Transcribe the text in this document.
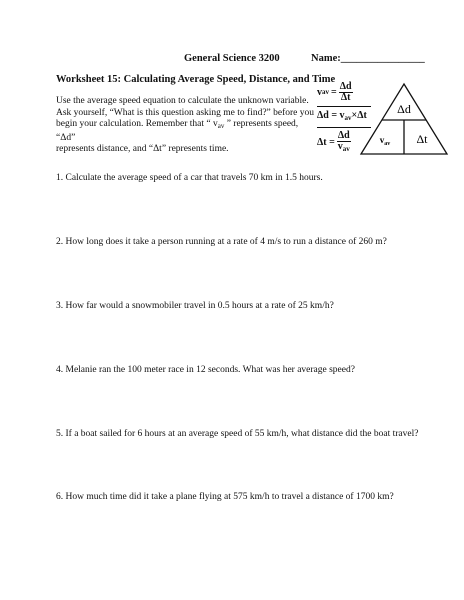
General Science 3200	Name:________________
Worksheet 15: Calculating Average Speed, Distance, and Time
Use the average speed equation to calculate the unknown variable.
Ask yourself, “What is this question asking me to find?” before you
begin your calculation. Remember that “ $v_{av}$ ” represents speed, “Δd”
represents distance, and “Δt” represents time.
v av = $\frac{\Delta d}{\Delta t}$
$\Delta d = v_{av}\times\Delta t$
$\Delta t = \frac{\Delta d}{v_{av}}$
Δd
$v_{av}$ Δt
1. Calculate the average speed of a car that travels 70 km in 1.5 hours.
2. How long does it take a person running at a rate of 4 m/s to run a distance of 260 m?
3. How far would a snowmobiler travel in 0.5 hours at a rate of 25 km/h?
4. Melanie ran the 100 meter race in 12 seconds. What was her average speed?
5. If a boat sailed for 6 hours at an average speed of 55 km/h, what distance did the boat travel?
6. How much time did it take a plane flying at 575 km/h to travel a distance of 1700 km?
